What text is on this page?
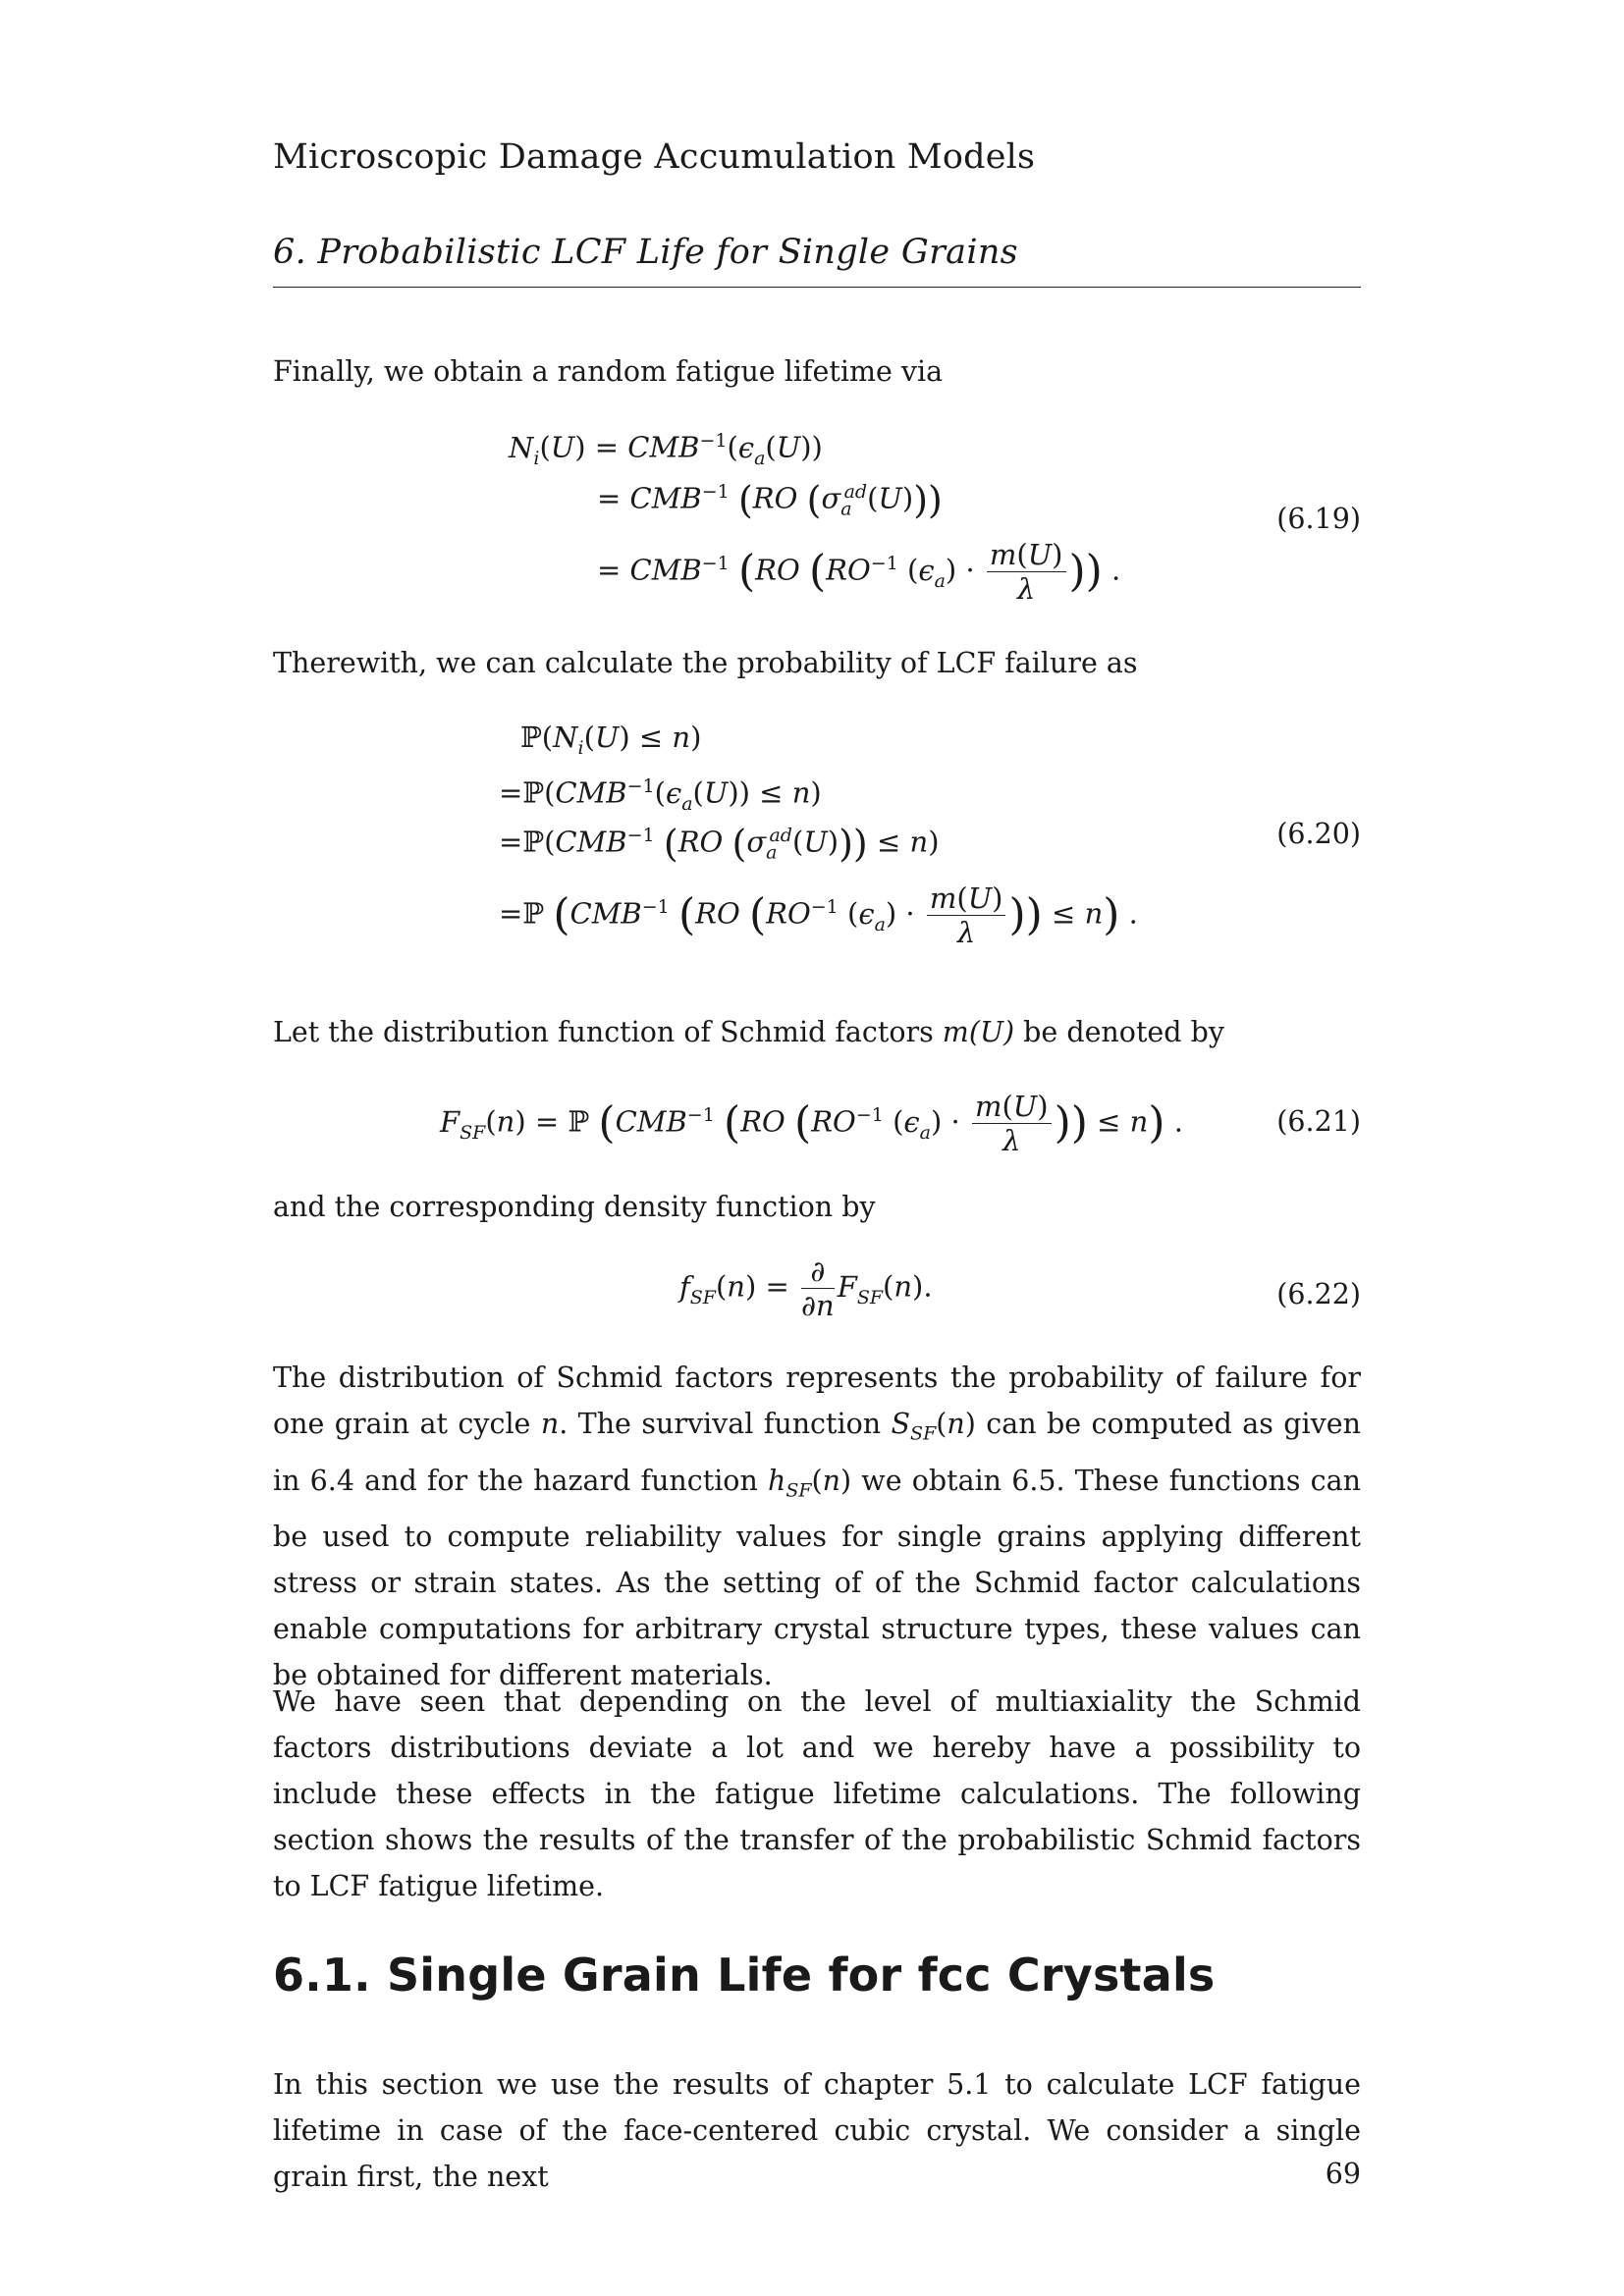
Microscopic Damage Accumulation Models
6. Probabilistic LCF Life for Single Grains
Finally, we obtain a random fatigue lifetime via
$N_i(U) = CMB^{-1}(\epsilon_a(U))$
= $CMB^{-1}$ (RO $(\sigma_a^{ad}(U))$)
= $CMB^{-1}$ (RO ($RO^{-1}$ $(\epsilon_a) \cdot \frac{m(U)}{\lambda}$ )) .
(6.19)
Therewith, we can calculate the probability of LCF failure as
$ℙ(N_i(U) \le n)$
$=ℙ(CMB^{-1}(\epsilon_a(U)) \le n)$
$=ℙ(CMB^{-1}$ (RO $(\sigma_a^{ad}(U))) \le n$)
=ℙ ($CMB^{-1}$ (RO ($RO^{-1}$ $(\epsilon_a) \cdot \frac{m(U)}{\lambda}$ )) ≤ n) .
(6.20)
Let the distribution function of Schmid factors m(U) be denoted by
$F_{SF}(n)$ = ℙ ($CMB^{-1}$ (RO ($RO^{-1}$ $(\epsilon_a) \cdot \frac{m(U)}{\lambda}$ )) ≤ n) .	(6.21)
and the corresponding density function by
$f_{SF}(n) = \frac{\partial}{\partial n} F_{SF}(n)$.	(6.22)
The distribution of Schmid factors represents the probability of failure for one grain at cycle n. The survival function $S_{SF}(n)$ can be computed as given in 6.4 and for the hazard function $h_{SF}(n)$ we obtain 6.5. These functions can be used to compute reliability values for single grains applying different stress or strain states. As the setting of of the Schmid factor calculations enable computations for arbitrary crystal structure types, these values can be obtained for different materials.
We have seen that depending on the level of multiaxiality the Schmid factors distributions deviate a lot and we hereby have a possibility to include these effects in the fatigue lifetime calculations. The following section shows the results of the transfer of the probabilistic Schmid factors to LCF fatigue lifetime.
6.1. Single Grain Life for fcc Crystals
In this section we use the results of chapter 5.1 to calculate LCF fatigue lifetime in case of the face-centered cubic crystal. We consider a single grain first, the next	69
